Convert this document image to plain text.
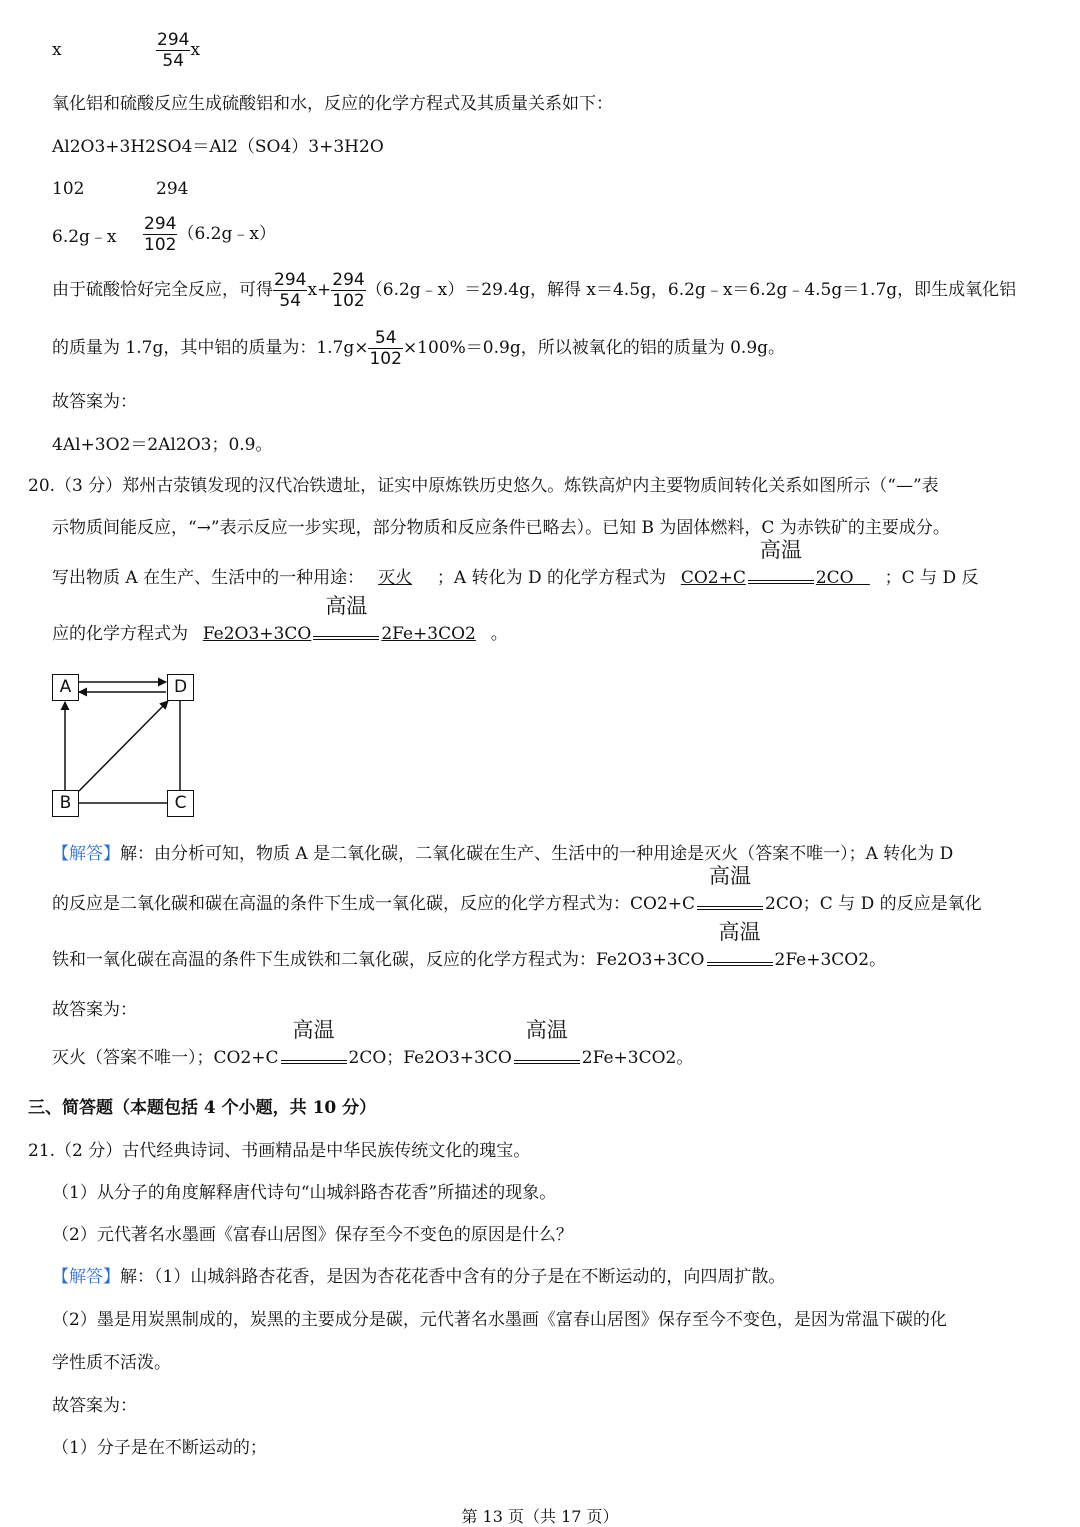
x	$\frac{294}{54}$ x
氧化铝和硫酸反应生成硫酸铝和水，反应的化学方程式及其质量关系如下：
Al2O3+3H2SO4＝Al2（SO4）3+3H2O
102	294
6.2g﹣x $\frac{294}{102}$ （6.2g﹣x）
由于硫酸恰好完全反应，可得 $\frac{294}{54} x+ \frac{294}{102}$ （6.2g﹣x）＝29.4g，解得 x＝4.5g，6.2g﹣x＝6.2g﹣4.5g＝1.7g，即生成氧化铝
的质量为 1.7g，其中铝的质量为：$1.7g\times \frac{54}{102} \times 100\%=0.9g$，所以被氧化的铝的质量为 0.9g。
故答案为：
4Al+3O2＝2Al2O3；0.9。
20.（3 分）郑州古荥镇发现的汉代冶铁遗址，证实中原炼铁历史悠久。炼铁高炉内主要物质间转化关系如图所示（“—”表
示物质间能反应，“→”表示反应一步实现，部分物质和反应条件已略去）。已知 B 为固体燃料，C 为赤铁矿的主要成分。
写出物质 A 在生产、生活中的一种用途： 灭火 ；A 转化为 D 的化学方程式为 CO2+C
高温
2CO ；C 与 D 反
应的化学方程式为 Fe2O3+3CO
高温
2Fe+3CO2 。
A	D
B	C
【解答】解：由分析可知，物质 A 是二氧化碳，二氧化碳在生产、生活中的一种用途是灭火（答案不唯一）；A 转化为 D
的反应是二氧化碳和碳在高温的条件下生成一氧化碳，反应的化学方程式为：CO2+C
高温
2CO；C 与 D 的反应是氧化
铁和一氧化碳在高温的条件下生成铁和二氧化碳，反应的化学方程式为：Fe2O3+3CO
高温
2Fe+3CO2。
故答案为：
灭火（答案不唯一）；CO2+C
高温
2CO；Fe2O3+3CO
高温
2Fe+3CO2。
三、简答题（本题包括 4 个小题，共 10 分）
21.（2 分）古代经典诗词、书画精品是中华民族传统文化的瑰宝。
（1）从分子的角度解释唐代诗句“山城斜路杏花香”所描述的现象。
（2）元代著名水墨画《富春山居图》保存至今不变色的原因是什么？
【解答】解：（1）山城斜路杏花香，是因为杏花花香中含有的分子是在不断运动的，向四周扩散。
（2）墨是用炭黑制成的，炭黑的主要成分是碳，元代著名水墨画《富春山居图》保存至今不变色，是因为常温下碳的化
学性质不活泼。
故答案为：
（1）分子是在不断运动的；
第 13 页（共 17 页）
